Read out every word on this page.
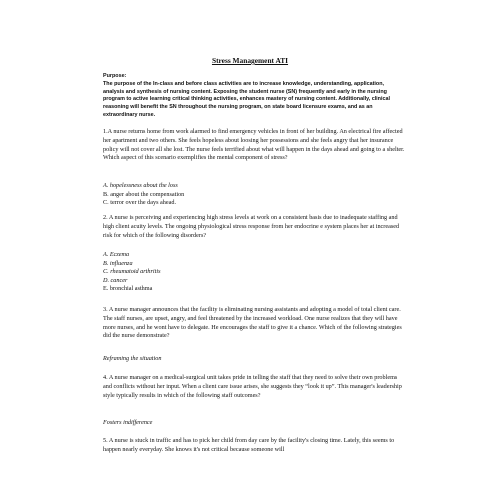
Stress Management ATI

Purpose:

The purpose of the In-class and before class activities are to increase knowledge, understanding, application, analysis and synthesis of nursing content. Exposing the student nurse (SN) frequently and early in the nursing program to active learning critical thinking activities, enhances mastery of nursing content. Additionally, clinical reasoning will benefit the SN throughout the nursing program, on state board licensure exams, and as an extraordinary nurse.

1.A nurse returns home from work alarmed to find emergency vehicles in front of her building. An electrical fire affected her apartment and two others. She feels hopeless about loosing her possessions and she feels angry that her insurance policy will not cover all she lost. The nurse feels terrified about what will happen in the days ahead and going to a shelter. Which aspect of this scenario exemplifies the mental component of stress?

A. hopelessness about the loss
B. anger about the compensation
C. terror over the days ahead.

2. A nurse is perceiving and experiencing high stress levels at work on a consistent basis due to inadequate staffing and high client acuity levels. The ongoing physiological stress response from her endocrine e system places her at increased risk for which of the following disorders?

A. Eczema
B. influenza
C. rheumatoid arthritis
D. cancer
E. bronchial asthma

3. A nurse manager announces that the facility is eliminating nursing assistants and adopting a model of total client care. The staff nurses, are upset, angry, and feel threatened by the increased workload. One nurse realizes that they will have more nurses, and he wont have to delegate. He encourages the staff to give it a chance. Which of the following strategies did the nurse demonstrate?

Reframing the situation

4. A nurse manager on a medical-surgical unit takes pride in telling the staff that they need to solve their own problems and conflicts without her input. When a client care issue arises, she suggests they “look it up”. This manager's leadership style typically results in which of the following staff outcomes?

Fosters indifference

5. A nurse is stuck in traffic and has to pick her child from day care by the facility's closing time. Lately, this seems to happen nearly everyday. She knows it's not critical because someone will
